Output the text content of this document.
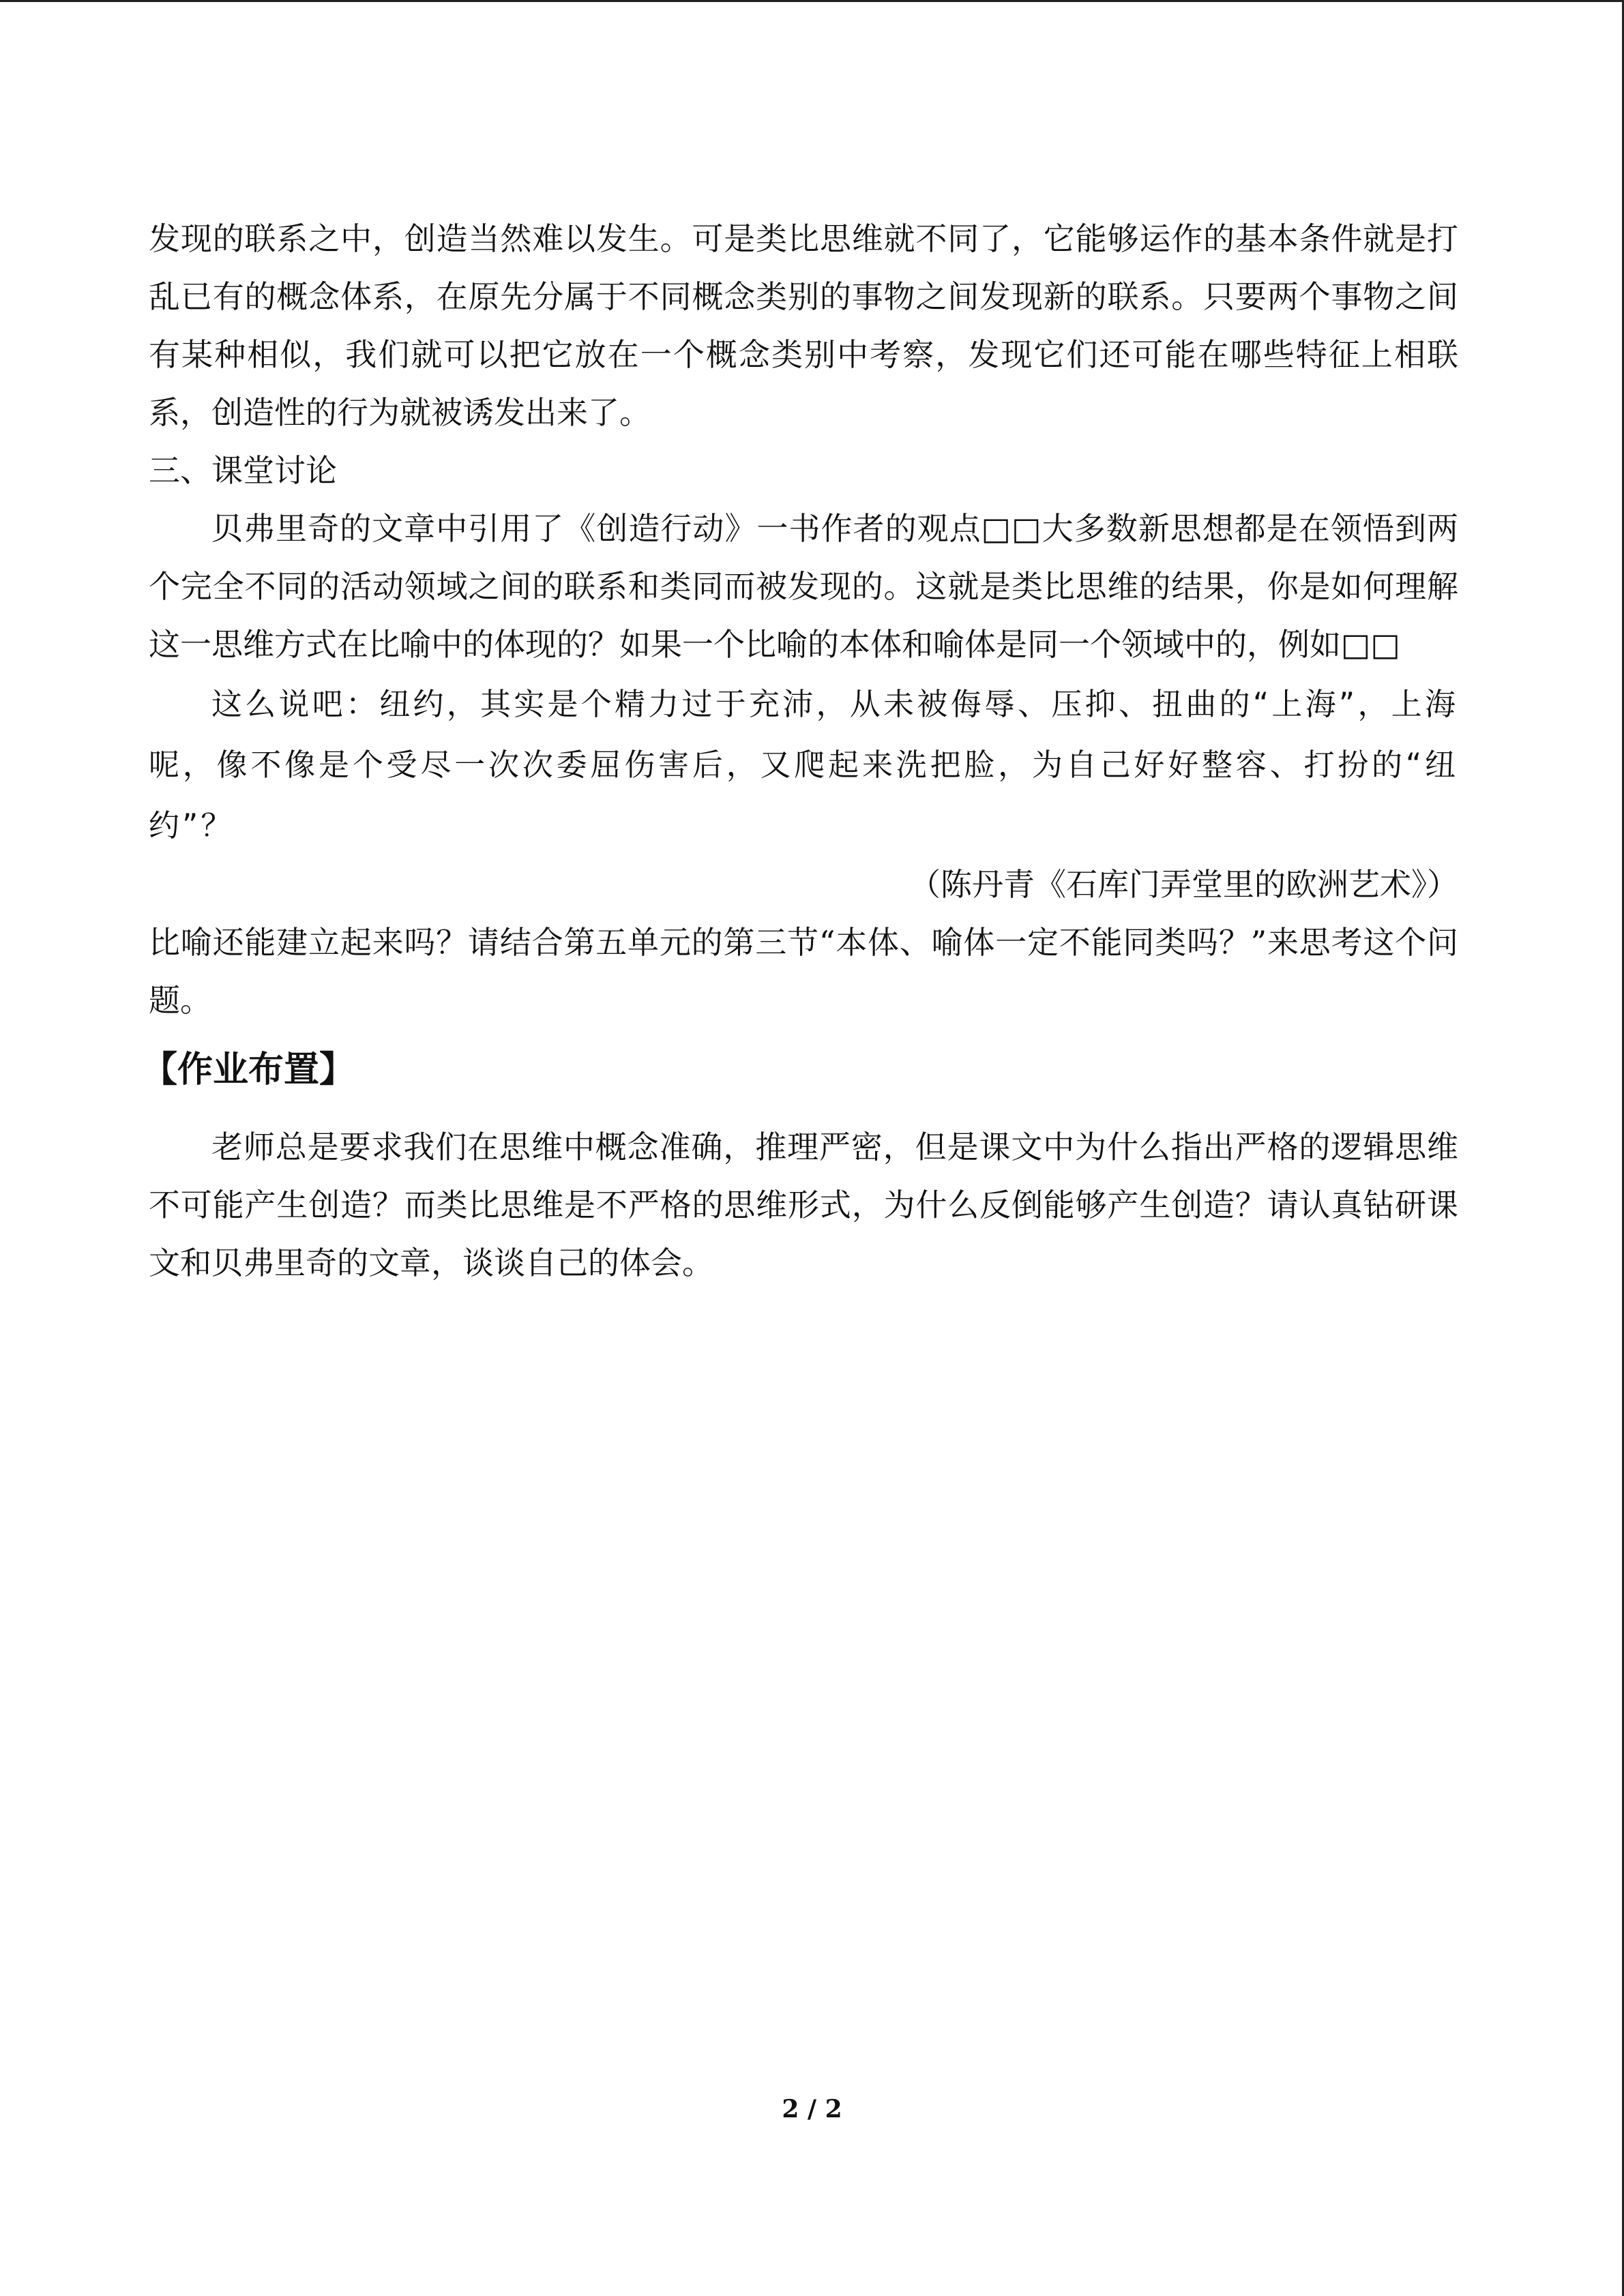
发现的联系之中，创造当然难以发生。可是类比思维就不同了，它能够运作的基本条件就是打乱已有的概念体系，在原先分属于不同概念类别的事物之间发现新的联系。只要两个事物之间有某种相似，我们就可以把它放在一个概念类别中考察，发现它们还可能在哪些特征上相联系，创造性的行为就被诱发出来了。

三、课堂讨论

贝弗里奇的文章中引用了《创造行动》一书作者的观点□□大多数新思想都是在领悟到两个完全不同的活动领域之间的联系和类同而被发现的。这就是类比思维的结果，你是如何理解这一思维方式在比喻中的体现的？如果一个比喻的本体和喻体是同一个领域中的，例如□□

这么说吧：纽约，其实是个精力过于充沛，从未被侮辱、压抑、扭曲的“上海”，上海呢，像不像是个受尽一次次委屈伤害后，又爬起来洗把脸，为自己好好整容、打扮的“纽约”？

（陈丹青《石库门弄堂里的欧洲艺术》）

比喻还能建立起来吗？请结合第五单元的第三节“本体、喻体一定不能同类吗？”来思考这个问题。

【作业布置】

老师总是要求我们在思维中概念准确，推理严密，但是课文中为什么指出严格的逻辑思维不可能产生创造？而类比思维是不严格的思维形式，为什么反倒能够产生创造？请认真钻研课文和贝弗里奇的文章，谈谈自己的体会。

2 / 2
